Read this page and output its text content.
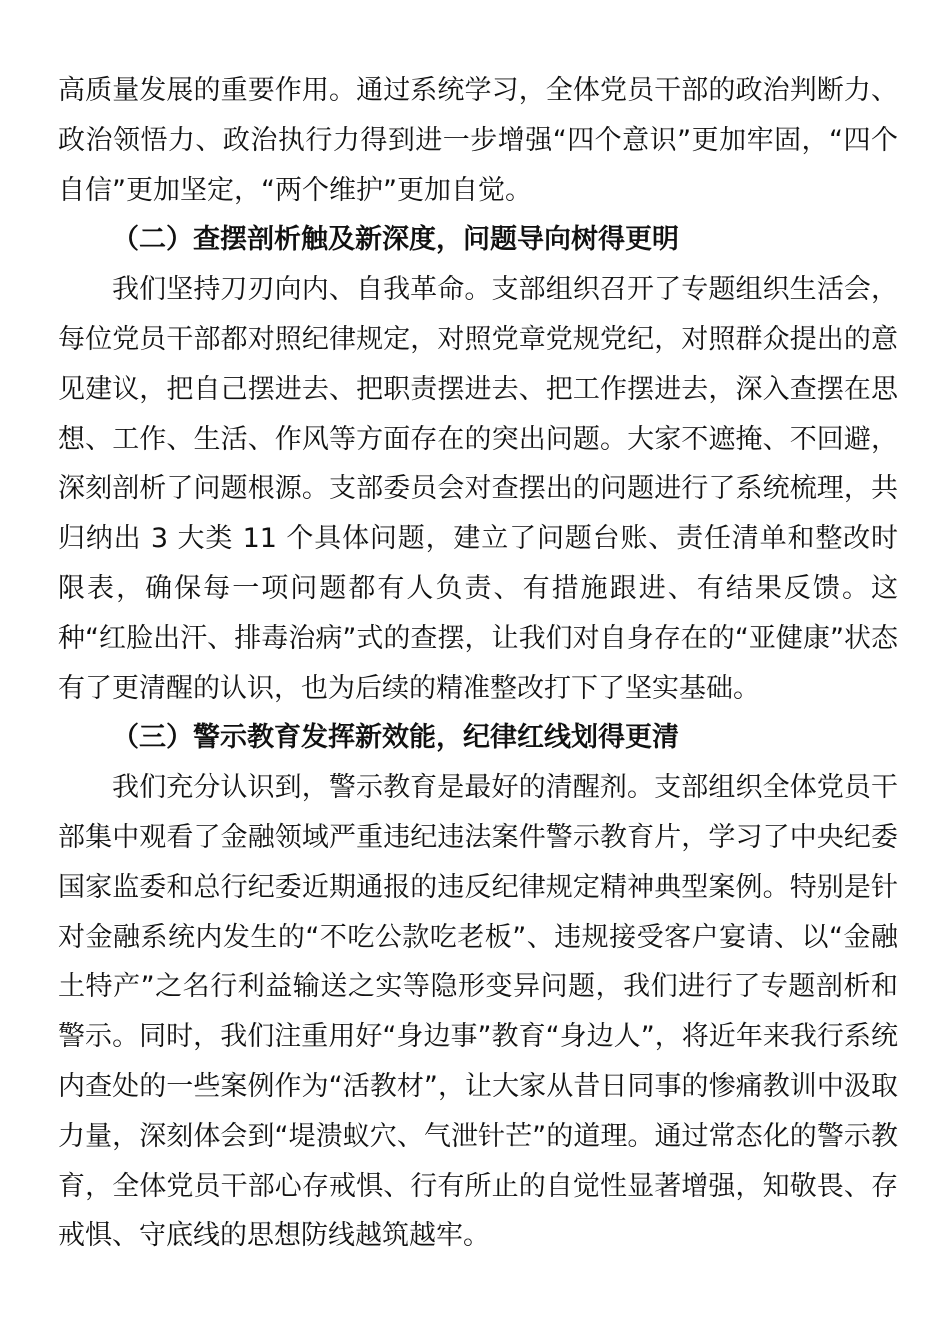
高质量发展的重要作用。通过系统学习，全体党员干部的政治判断力、政治领悟力、政治执行力得到进一步增强“四个意识”更加牢固，“四个自信”更加坚定，“两个维护”更加自觉。

（二）查摆剖析触及新深度，问题导向树得更明

我们坚持刀刃向内、自我革命。支部组织召开了专题组织生活会，每位党员干部都对照纪律规定，对照党章党规党纪，对照群众提出的意见建议，把自己摆进去、把职责摆进去、把工作摆进去，深入查摆在思想、工作、生活、作风等方面存在的突出问题。大家不遮掩、不回避，深刻剖析了问题根源。支部委员会对查摆出的问题进行了系统梳理，共归纳出 3 大类 11 个具体问题，建立了问题台账、责任清单和整改时限表，确保每一项问题都有人负责、有措施跟进、有结果反馈。这种“红脸出汗、排毒治病”式的查摆，让我们对自身存在的“亚健康”状态有了更清醒的认识，也为后续的精准整改打下了坚实基础。

（三）警示教育发挥新效能，纪律红线划得更清

我们充分认识到，警示教育是最好的清醒剂。支部组织全体党员干部集中观看了金融领域严重违纪违法案件警示教育片，学习了中央纪委国家监委和总行纪委近期通报的违反纪律规定精神典型案例。特别是针对金融系统内发生的“不吃公款吃老板”、违规接受客户宴请、以“金融土特产”之名行利益输送之实等隐形变异问题，我们进行了专题剖析和警示。同时，我们注重用好“身边事”教育“身边人”，将近年来我行系统内查处的一些案例作为“活教材”，让大家从昔日同事的惨痛教训中汲取力量，深刻体会到“堤溃蚁穴、气泄针芒”的道理。通过常态化的警示教育，全体党员干部心存戒惧、行有所止的自觉性显著增强，知敬畏、存戒惧、守底线的思想防线越筑越牢。
